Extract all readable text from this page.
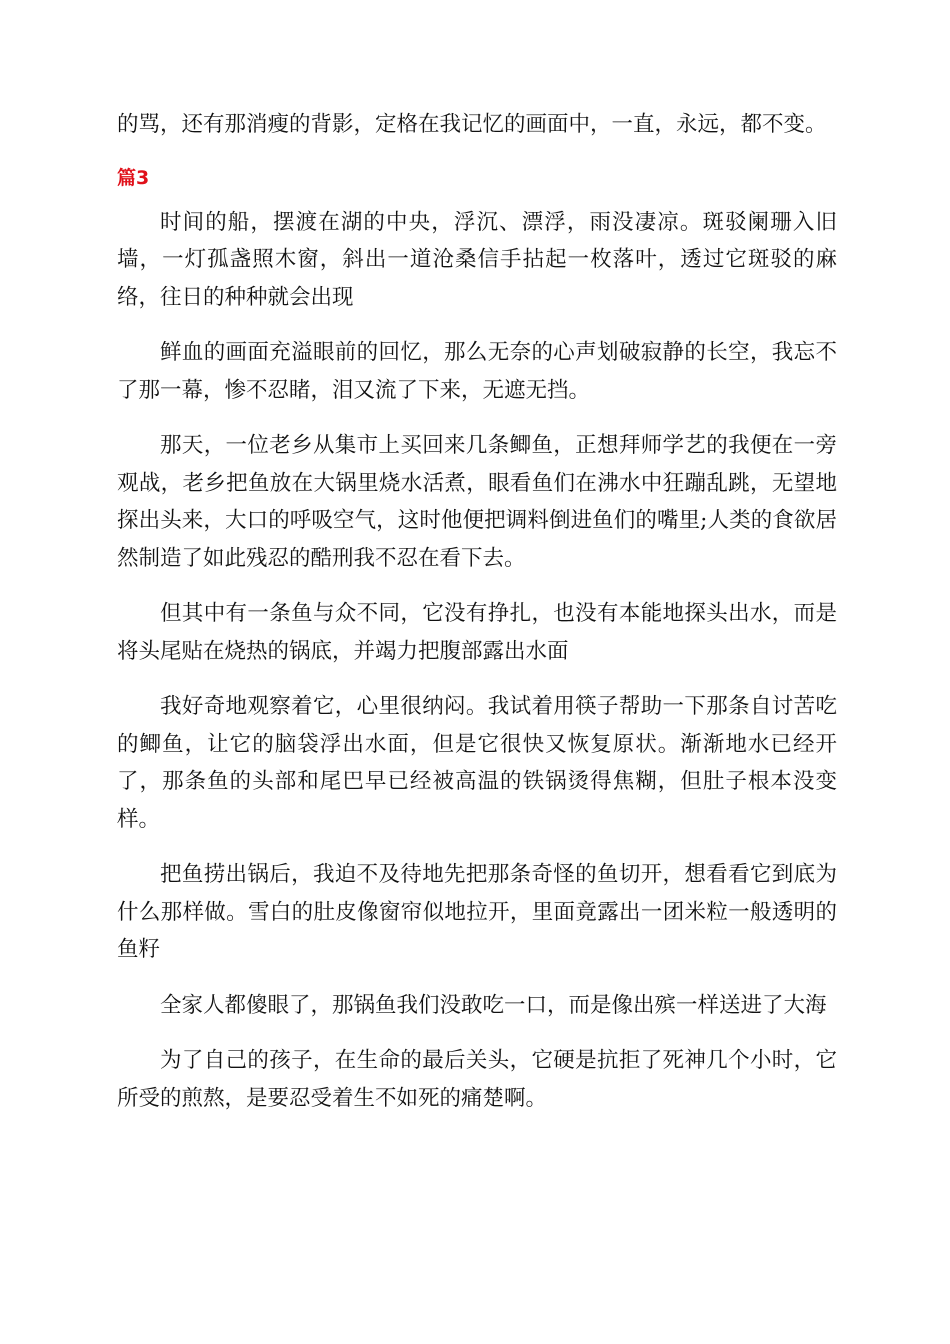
的骂，还有那消瘦的背影，定格在我记忆的画面中，一直，永远，都不变。

篇3

时间的船，摆渡在湖的中央，浮沉、漂浮，雨没凄凉。斑驳阑珊入旧墙，一灯孤盏照木窗，斜出一道沧桑信手拈起一枚落叶，透过它斑驳的麻络，往日的种种就会出现

鲜血的画面充溢眼前的回忆，那么无奈的心声划破寂静的长空，我忘不了那一幕，惨不忍睹，泪又流了下来，无遮无挡。

那天，一位老乡从集市上买回来几条鲫鱼，正想拜师学艺的我便在一旁观战，老乡把鱼放在大锅里烧水活煮，眼看鱼们在沸水中狂蹦乱跳，无望地探出头来，大口的呼吸空气，这时他便把调料倒进鱼们的嘴里;人类的食欲居然制造了如此残忍的酷刑我不忍在看下去。

但其中有一条鱼与众不同，它没有挣扎，也没有本能地探头出水，而是将头尾贴在烧热的锅底，并竭力把腹部露出水面

我好奇地观察着它，心里很纳闷。我试着用筷子帮助一下那条自讨苦吃的鲫鱼，让它的脑袋浮出水面，但是它很快又恢复原状。渐渐地水已经开了，那条鱼的头部和尾巴早已经被高温的铁锅烫得焦糊，但肚子根本没变样。

把鱼捞出锅后，我迫不及待地先把那条奇怪的鱼切开，想看看它到底为什么那样做。雪白的肚皮像窗帘似地拉开，里面竟露出一团米粒一般透明的鱼籽

全家人都傻眼了，那锅鱼我们没敢吃一口，而是像出殡一样送进了大海

为了自己的孩子，在生命的最后关头，它硬是抗拒了死神几个小时，它所受的煎熬，是要忍受着生不如死的痛楚啊。
